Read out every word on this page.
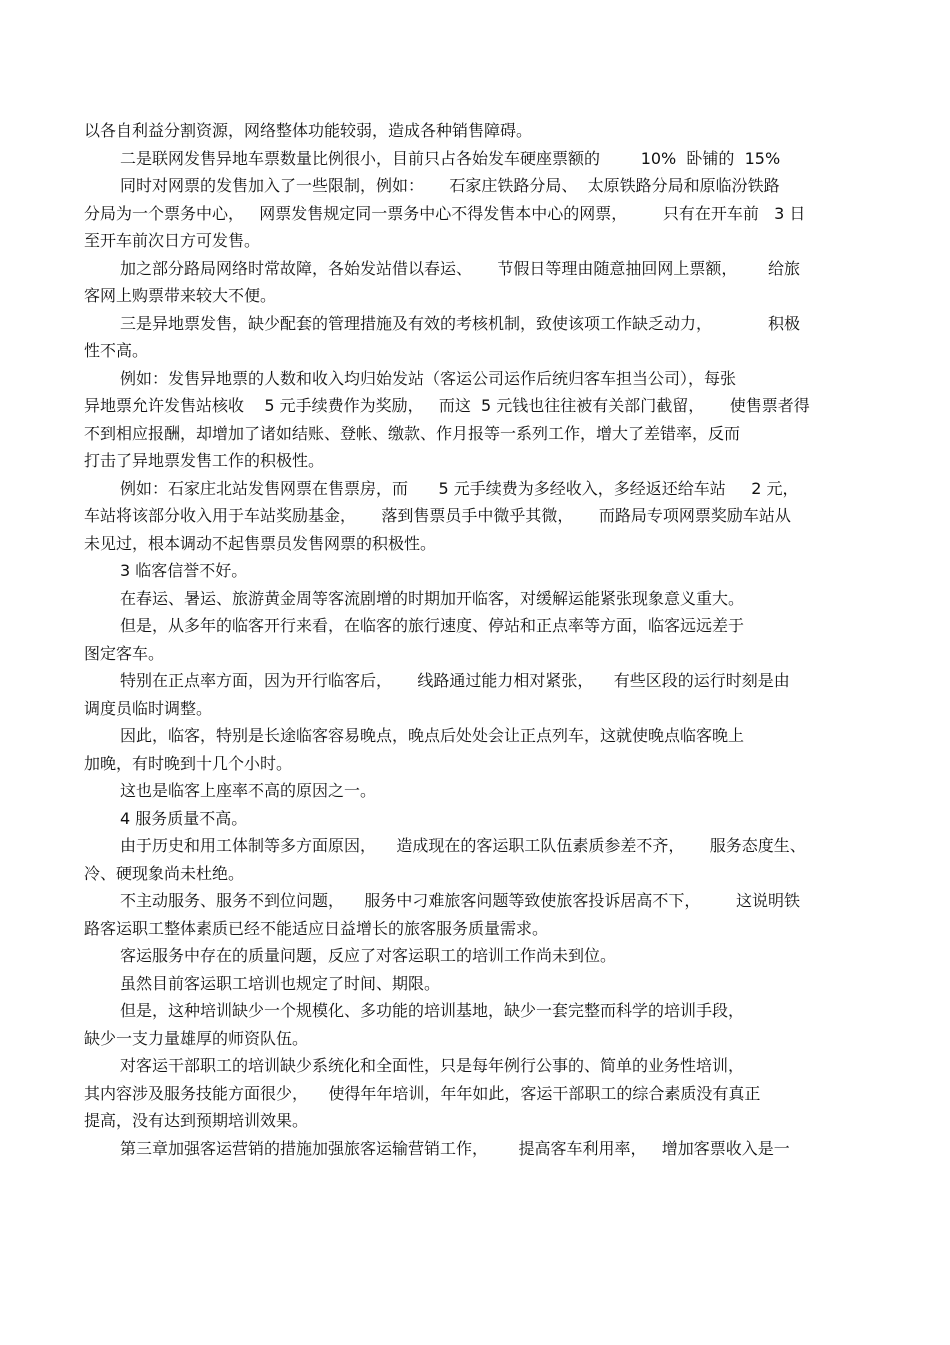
以各自利益分割资源，网络整体功能较弱，造成各种销售障碍。
二是联网发售异地车票数量比例很小，目前只占各始发车硬座票额的        10%  卧铺的  15%
同时对网票的发售加入了一些限制，例如：     石家庄铁路分局、  太原铁路分局和原临汾铁路
分局为一个票务中心，   网票发售规定同一票务中心不得发售本中心的网票，       只有在开车前   3 日
至开车前次日方可发售。
加之部分路局网络时常故障，各始发站借以春运、     节假日等理由随意抽回网上票额，      给旅
客网上购票带来较大不便。
三是异地票发售，缺少配套的管理措施及有效的考核机制，致使该项工作缺乏动力，           积极
性不高。
例如：发售异地票的人数和收入均归始发站（客运公司运作后统归客车担当公司），每张
异地票允许发售站核收    5 元手续费作为奖励，   而这  5 元钱也往往被有关部门截留，     使售票者得
不到相应报酬，却增加了诸如结账、登帐、缴款、作月报等一系列工作，增大了差错率，反而
打击了异地票发售工作的积极性。
例如：石家庄北站发售网票在售票房，而      5 元手续费为多经收入，多经返还给车站     2 元，
车站将该部分收入用于车站奖励基金，     落到售票员手中微乎其微，     而路局专项网票奖励车站从
未见过，根本调动不起售票员发售网票的积极性。
3 临客信誉不好。
在春运、暑运、旅游黄金周等客流剧增的时期加开临客，对缓解运能紧张现象意义重大。
但是，从多年的临客开行来看，在临客的旅行速度、停站和正点率等方面，临客远远差于
图定客车。
特别在正点率方面，因为开行临客后，     线路通过能力相对紧张，    有些区段的运行时刻是由
调度员临时调整。
因此，临客，特别是长途临客容易晚点，晚点后处处会让正点列车，这就使晚点临客晚上
加晚，有时晚到十几个小时。
这也是临客上座率不高的原因之一。
4 服务质量不高。
由于历史和用工体制等多方面原因，    造成现在的客运职工队伍素质参差不齐，     服务态度生、
冷、硬现象尚未杜绝。
不主动服务、服务不到位问题，    服务中刁难旅客问题等致使旅客投诉居高不下，       这说明铁
路客运职工整体素质已经不能适应日益增长的旅客服务质量需求。
客运服务中存在的质量问题，反应了对客运职工的培训工作尚未到位。
虽然目前客运职工培训也规定了时间、期限。
但是，这种培训缺少一个规模化、多功能的培训基地，缺少一套完整而科学的培训手段，
缺少一支力量雄厚的师资队伍。
对客运干部职工的培训缺少系统化和全面性，只是每年例行公事的、简单的业务性培训，
其内容涉及服务技能方面很少，    使得年年培训，年年如此，客运干部职工的综合素质没有真正
提高，没有达到预期培训效果。
第三章加强客运营销的措施加强旅客运输营销工作，      提高客车利用率，   增加客票收入是一
